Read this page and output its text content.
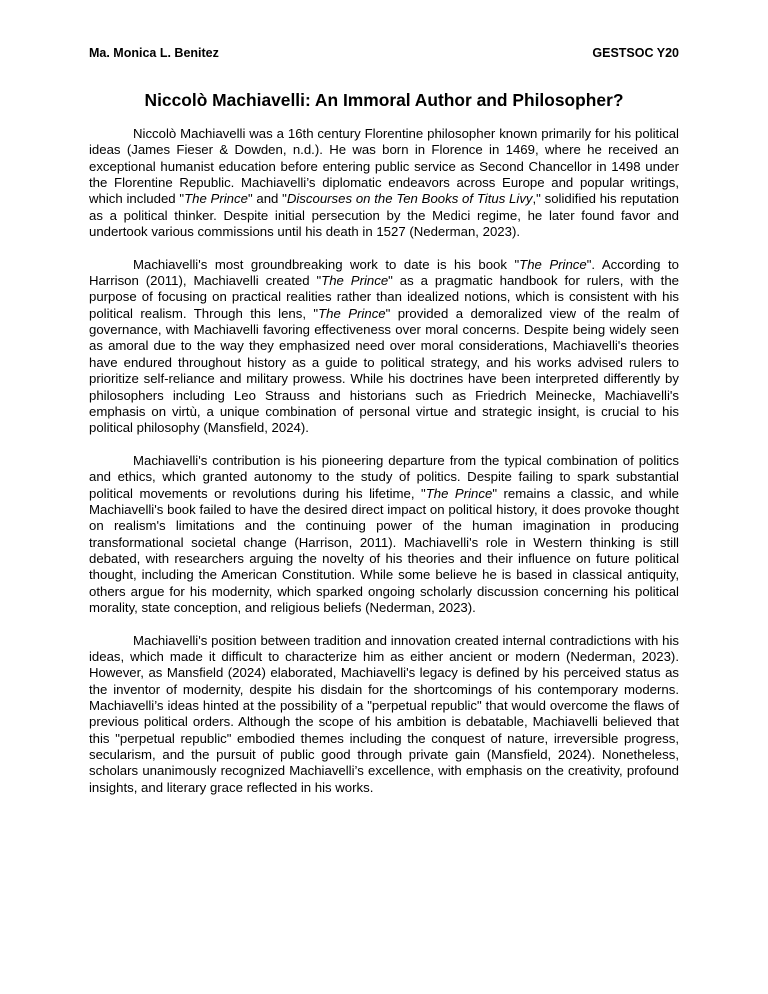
Ma. Monica L. Benitez	GESTSOC Y20
Niccolò Machiavelli: An Immoral Author and Philosopher?

Niccolò Machiavelli was a 16th century Florentine philosopher known primarily for his political ideas (James Fieser & Dowden, n.d.). He was born in Florence in 1469, where he received an exceptional humanist education before entering public service as Second Chancellor in 1498 under the Florentine Republic. Machiavelli’s diplomatic endeavors across Europe and popular writings, which included "The Prince" and "Discourses on the Ten Books of Titus Livy," solidified his reputation as a political thinker. Despite initial persecution by the Medici regime, he later found favor and undertook various commissions until his death in 1527 (Nederman, 2023).

Machiavelli's most groundbreaking work to date is his book "The Prince". According to Harrison (2011), Machiavelli created "The Prince" as a pragmatic handbook for rulers, with the purpose of focusing on practical realities rather than idealized notions, which is consistent with his political realism. Through this lens, "The Prince" provided a demoralized view of the realm of governance, with Machiavelli favoring effectiveness over moral concerns. Despite being widely seen as amoral due to the way they emphasized need over moral considerations, Machiavelli's theories have endured throughout history as a guide to political strategy, and his works advised rulers to prioritize self-reliance and military prowess. While his doctrines have been interpreted differently by philosophers including Leo Strauss and historians such as Friedrich Meinecke, Machiavelli's emphasis on virtù, a unique combination of personal virtue and strategic insight, is crucial to his political philosophy (Mansfield, 2024).

Machiavelli's contribution is his pioneering departure from the typical combination of politics and ethics, which granted autonomy to the study of politics. Despite failing to spark substantial political movements or revolutions during his lifetime, "The Prince" remains a classic, and while Machiavelli's book failed to have the desired direct impact on political history, it does provoke thought on realism's limitations and the continuing power of the human imagination in producing transformational societal change (Harrison, 2011). Machiavelli's role in Western thinking is still debated, with researchers arguing the novelty of his theories and their influence on future political thought, including the American Constitution. While some believe he is based in classical antiquity, others argue for his modernity, which sparked ongoing scholarly discussion concerning his political morality, state conception, and religious beliefs (Nederman, 2023).

Machiavelli's position between tradition and innovation created internal contradictions with his ideas, which made it difficult to characterize him as either ancient or modern (Nederman, 2023). However, as Mansfield (2024) elaborated, Machiavelli's legacy is defined by his perceived status as the inventor of modernity, despite his disdain for the shortcomings of his contemporary moderns. Machiavelli’s ideas hinted at the possibility of a "perpetual republic" that would overcome the flaws of previous political orders. Although the scope of his ambition is debatable, Machiavelli believed that this "perpetual republic" embodied themes including the conquest of nature, irreversible progress, secularism, and the pursuit of public good through private gain (Mansfield, 2024). Nonetheless, scholars unanimously recognized Machiavelli’s excellence, with emphasis on the creativity, profound insights, and literary grace reflected in his works.
